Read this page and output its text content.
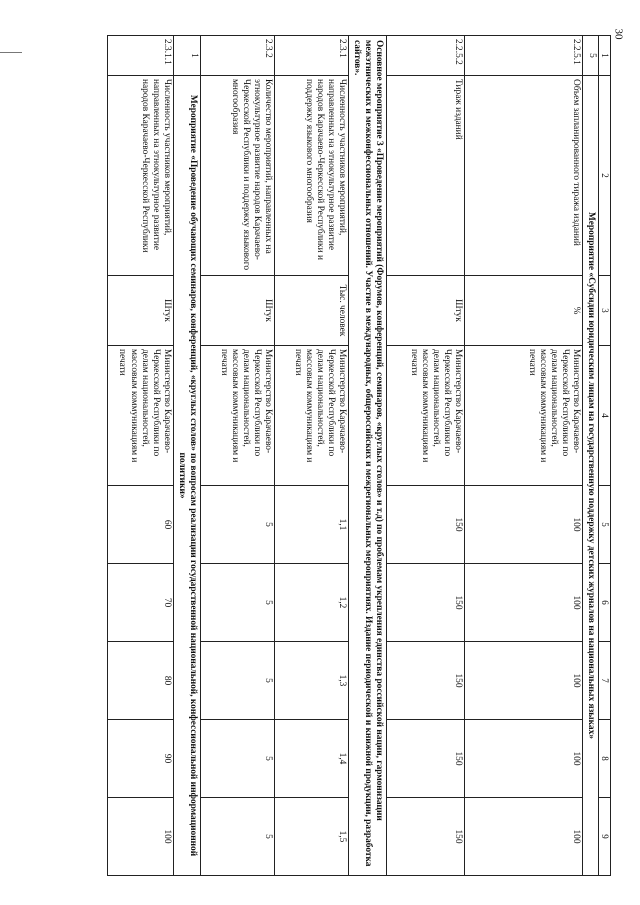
30
1	2	3	4	5	6	7	8	9
5	Мероприятие «Субсидии юридическим лицам на государственную поддержку детских журналов на национальных языках»							
2.2.5.1	Объем запланированного тиража изданий	%	Министерство Карачаево-Черкесской Республики по делам национальностей, массовым коммуникациям и печати	100	100	100	100	100
2.2.5.2	Тираж изданий	Штук	Министерство Карачаево-Черкесской Республики по делам национальностей, массовым коммуникациям и печати	150	150	150	150	150
Основное мероприятие 3 «Проведение мероприятий (Форумов, конференций, семинаров, «круглых столов» и т.д) по проблемам укрепления единства российской нации, гармонизации межэтнических и межконфессиональных отношений. Участие в международных, общероссийских и межрегиональных мероприятиях. Издание периодической и книжной продукции, разработка сайтов».								
2.3.1	Численность участников мероприятий, направленных на этнокультурное развитие народов Карачаево-Черкесской Республики и поддержку языкового многообразия	Тыс. человек	Министерство Карачаево-Черкесской Республики по делам национальностей, массовым коммуникациям и печати	1,1	1,2	1,3	1,4	1,5
2.3.2	Количество мероприятий, направленных на этнокультурное развитие народов Карачаево-Черкесской Республики и поддержку языкового многообразия	Штук	Министерство Карачаево-Черкесской Республики по делам национальностей, массовым коммуникациям и печати	5	5	5	5	5
1	Мероприятие «Проведение обучающих семинаров, конференций, «круглых столов» по вопросам реализации государственной национальной, конфессиональной информационной политики»							
2.3.1.1	Численность участников мероприятий, направленных на этнокультурное развитие народов Карачаево-Черкесской Республики	Штук	Министерство Карачаево-Черкесской Республики по делам национальностей, массовым коммуникациям и печати	60	70	80	90	100
